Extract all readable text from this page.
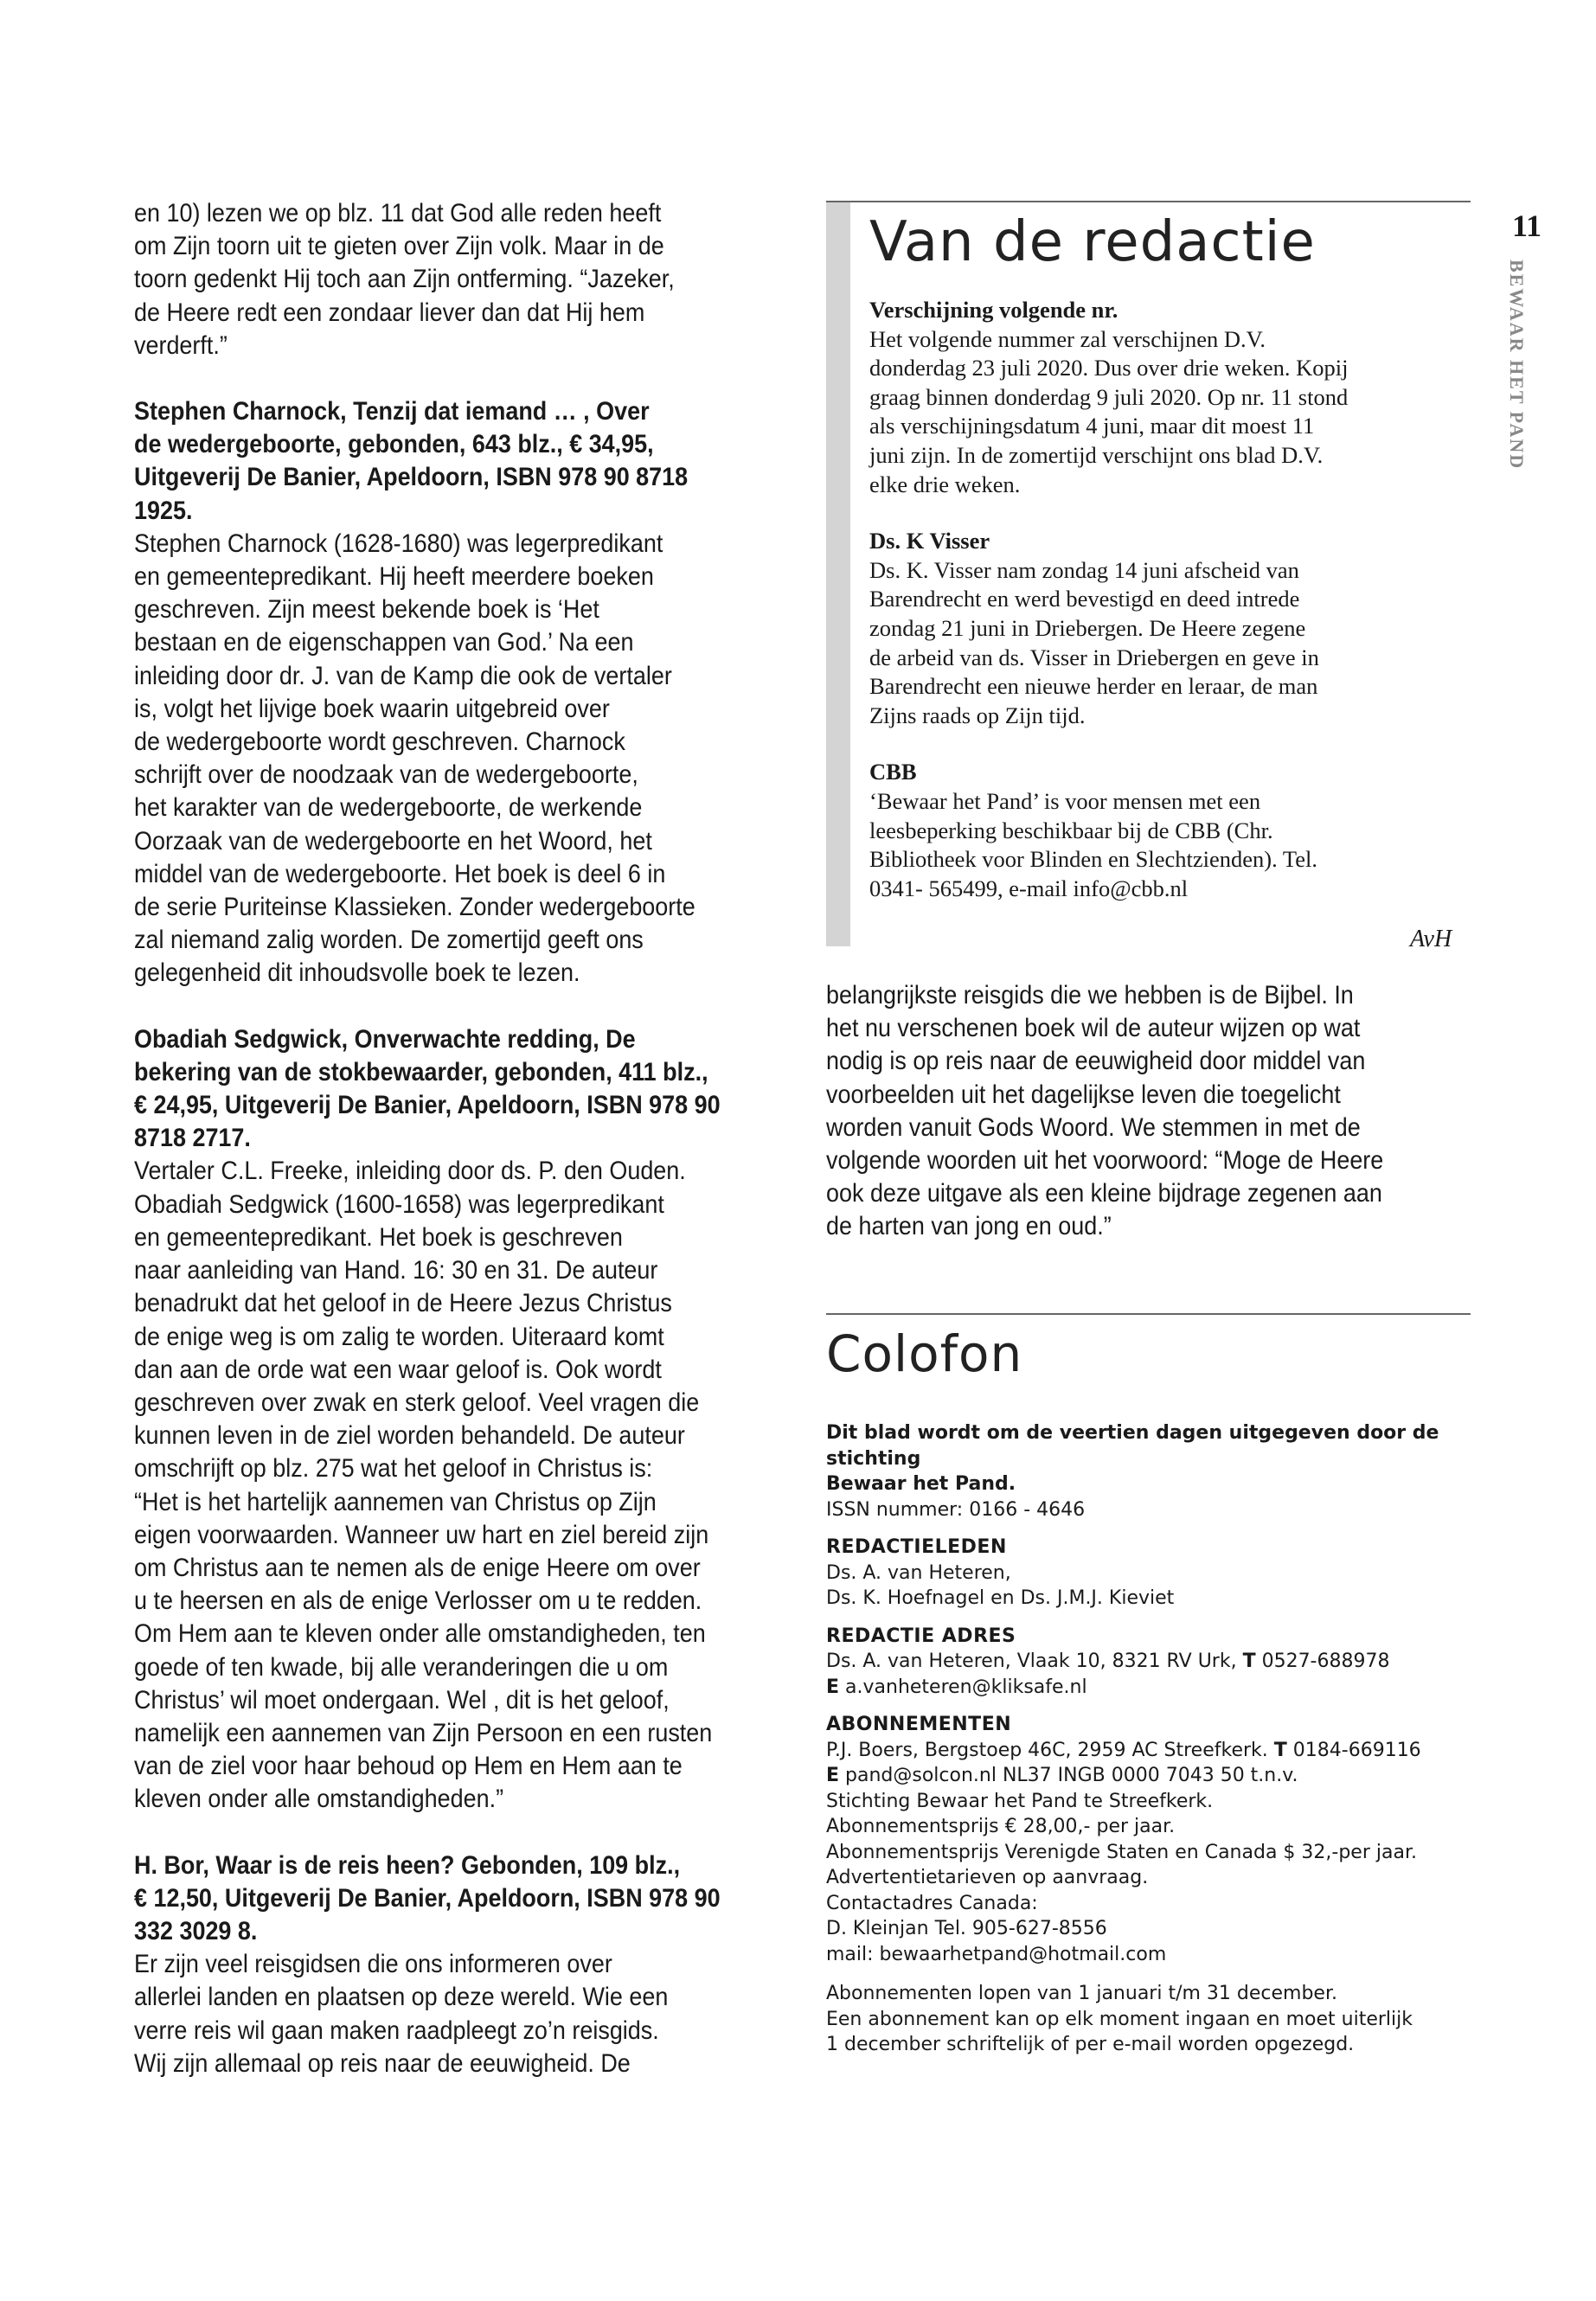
en 10) lezen we op blz. 11 dat God alle reden heeft

om Zijn toorn uit te gieten over Zijn volk. Maar in de

toorn gedenkt Hij toch aan Zijn ontferming. “Jazeker,

de Heere redt een zondaar liever dan dat Hij hem

verderft.”

Stephen Charnock, Tenzij dat iemand … , Over

de wedergeboorte, gebonden, 643 blz., € 34,95,

Uitgeverij De Banier, Apeldoorn, ISBN 978 90 8718

1925.

Stephen Charnock (1628-1680) was legerpredikant

en gemeentepredikant. Hij heeft meerdere boeken

geschreven. Zijn meest bekende boek is ‘Het

bestaan en de eigenschappen van God.’ Na een

inleiding door dr. J. van de Kamp die ook de vertaler

is, volgt het lijvige boek waarin uitgebreid over

de wedergeboorte wordt geschreven. Charnock

schrijft over de noodzaak van de wedergeboorte,

het karakter van de wedergeboorte, de werkende

Oorzaak van de wedergeboorte en het Woord, het

middel van de wedergeboorte. Het boek is deel 6 in

de serie Puriteinse Klassieken. Zonder wedergeboorte

zal niemand zalig worden. De zomertijd geeft ons

gelegenheid dit inhoudsvolle boek te lezen.

Obadiah Sedgwick, Onverwachte redding, De

bekering van de stokbewaarder, gebonden, 411 blz.,

€ 24,95, Uitgeverij De Banier, Apeldoorn, ISBN 978 90

8718 2717.

Vertaler C.L. Freeke, inleiding door ds. P. den Ouden.

Obadiah Sedgwick (1600-1658) was legerpredikant

en gemeentepredikant. Het boek is geschreven

naar aanleiding van Hand. 16: 30 en 31. De auteur

benadrukt dat het geloof in de Heere Jezus Christus

de enige weg is om zalig te worden. Uiteraard komt

dan aan de orde wat een waar geloof is. Ook wordt

geschreven over zwak en sterk geloof. Veel vragen die

kunnen leven in de ziel worden behandeld. De auteur

omschrijft op blz. 275 wat het geloof in Christus is:

“Het is het hartelijk aannemen van Christus op Zijn

eigen voorwaarden. Wanneer uw hart en ziel bereid zijn

om Christus aan te nemen als de enige Heere om over

u te heersen en als de enige Verlosser om u te redden.

Om Hem aan te kleven onder alle omstandigheden, ten

goede of ten kwade, bij alle veranderingen die u om

Christus’ wil moet ondergaan. Wel , dit is het geloof,

namelijk een aannemen van Zijn Persoon en een rusten

van de ziel voor haar behoud op Hem en Hem aan te

kleven onder alle omstandigheden.”

H. Bor, Waar is de reis heen? Gebonden, 109 blz.,

€ 12,50, Uitgeverij De Banier, Apeldoorn, ISBN 978 90

332 3029 8.

Er zijn veel reisgidsen die ons informeren over

allerlei landen en plaatsen op deze wereld. Wie een

verre reis wil gaan maken raadpleegt zo’n reisgids.

Wij zijn allemaal op reis naar de eeuwigheid. De

Van de redactie
Verschijning volgende nr.

Het volgende nummer zal verschijnen D.V.

donderdag 23 juli 2020. Dus over drie weken. Kopij

graag binnen donderdag 9 juli 2020. Op nr. 11 stond

als verschijningsdatum 4 juni, maar dit moest 11

juni zijn. In de zomertijd verschijnt ons blad D.V.

elke drie weken.

Ds. K Visser

Ds. K. Visser nam zondag 14 juni afscheid van

Barendrecht en werd bevestigd en deed intrede

zondag 21 juni in Driebergen. De Heere zegene

de arbeid van ds. Visser in Driebergen en geve in

Barendrecht een nieuwe herder en leraar, de man

Zijns raads op Zijn tijd.

CBB

‘Bewaar het Pand’ is voor mensen met een

leesbeperking beschikbaar bij de CBB (Chr.

Bibliotheek voor Blinden en Slechtzienden). Tel.

0341- 565499, e-mail info@cbb.nl

AvH

belangrijkste reisgids die we hebben is de Bijbel. In

het nu verschenen boek wil de auteur wijzen op wat

nodig is op reis naar de eeuwigheid door middel van

voorbeelden uit het dagelijkse leven die toegelicht

worden vanuit Gods Woord. We stemmen in met de

volgende woorden uit het voorwoord: “Moge de Heere

ook deze uitgave als een kleine bijdrage zegenen aan

de harten van jong en oud.”

Colofon

Dit blad wordt om de veertien dagen uitgegeven door de stichting

Bewaar het Pand.

ISSN nummer: 0166 - 4646

REDACTIELEDEN

Ds. A. van Heteren,

Ds. K. Hoefnagel en Ds. J.M.J. Kieviet

REDACTIE ADRES

Ds. A. van Heteren, Vlaak 10, 8321 RV Urk, T 0527-688978

E a.vanheteren@kliksafe.nl

ABONNEMENTEN

P.J. Boers, Bergstoep 46C, 2959 AC Streefkerk. T 0184-669116

E pand@solcon.nl NL37 INGB 0000 7043 50 t.n.v.

Stichting Bewaar het Pand te Streefkerk.

Abonnementsprijs € 28,00,- per jaar.

Abonnementsprijs Verenigde Staten en Canada $ 32,-per jaar.

Advertentietarieven op aanvraag.

Contactadres Canada:

D. Kleinjan Tel. 905-627-8556

mail: bewaarhetpand@hotmail.com

Abonnementen lopen van 1 januari t/m 31 december.

Een abonnement kan op elk moment ingaan en moet uiterlijk

1 december schriftelijk of per e-mail worden opgezegd.

11
BEWAAR HET PAND
